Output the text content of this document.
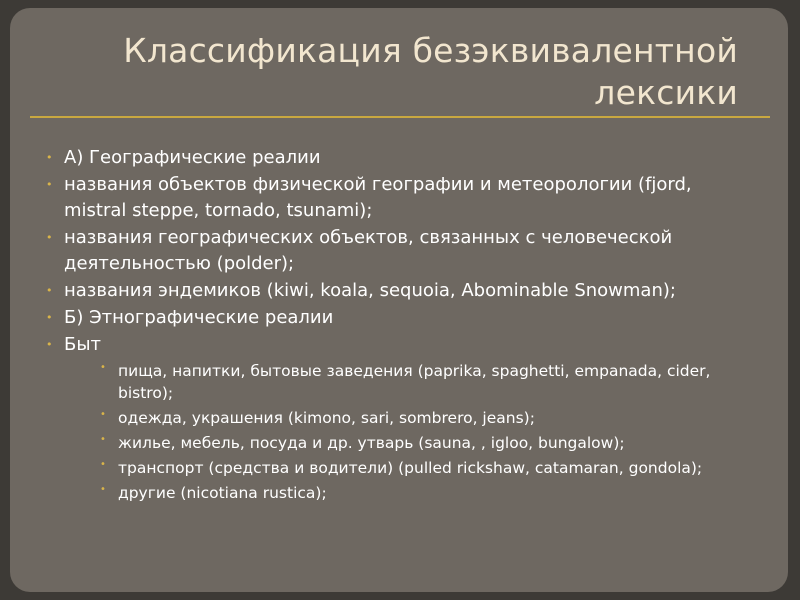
Классификация безэквивалентной лексики
• А) Географические реалии
• названия объектов физической географии и метеорологии (fjord, mistral steppe, tornado, tsunami);
• названия географических объектов, связанных с человеческой деятельностью (polder);
• названия эндемиков (kiwi, koala, sequoia, Abominable Snowman);
• Б) Этнографические реалии
• Быт
• пища, напитки, бытовые заведения (paprika, spaghetti, empanada, cider, bistro);
• одежда, украшения (kimono, sari, sombrero, jeans);
• жилье, мебель, посуда и др. утварь (sauna, , igloo, bungalow);
• транспорт (средства и водители) (pulled rickshaw, catamaran, gondola);
• другие (nicotiana rustica);
